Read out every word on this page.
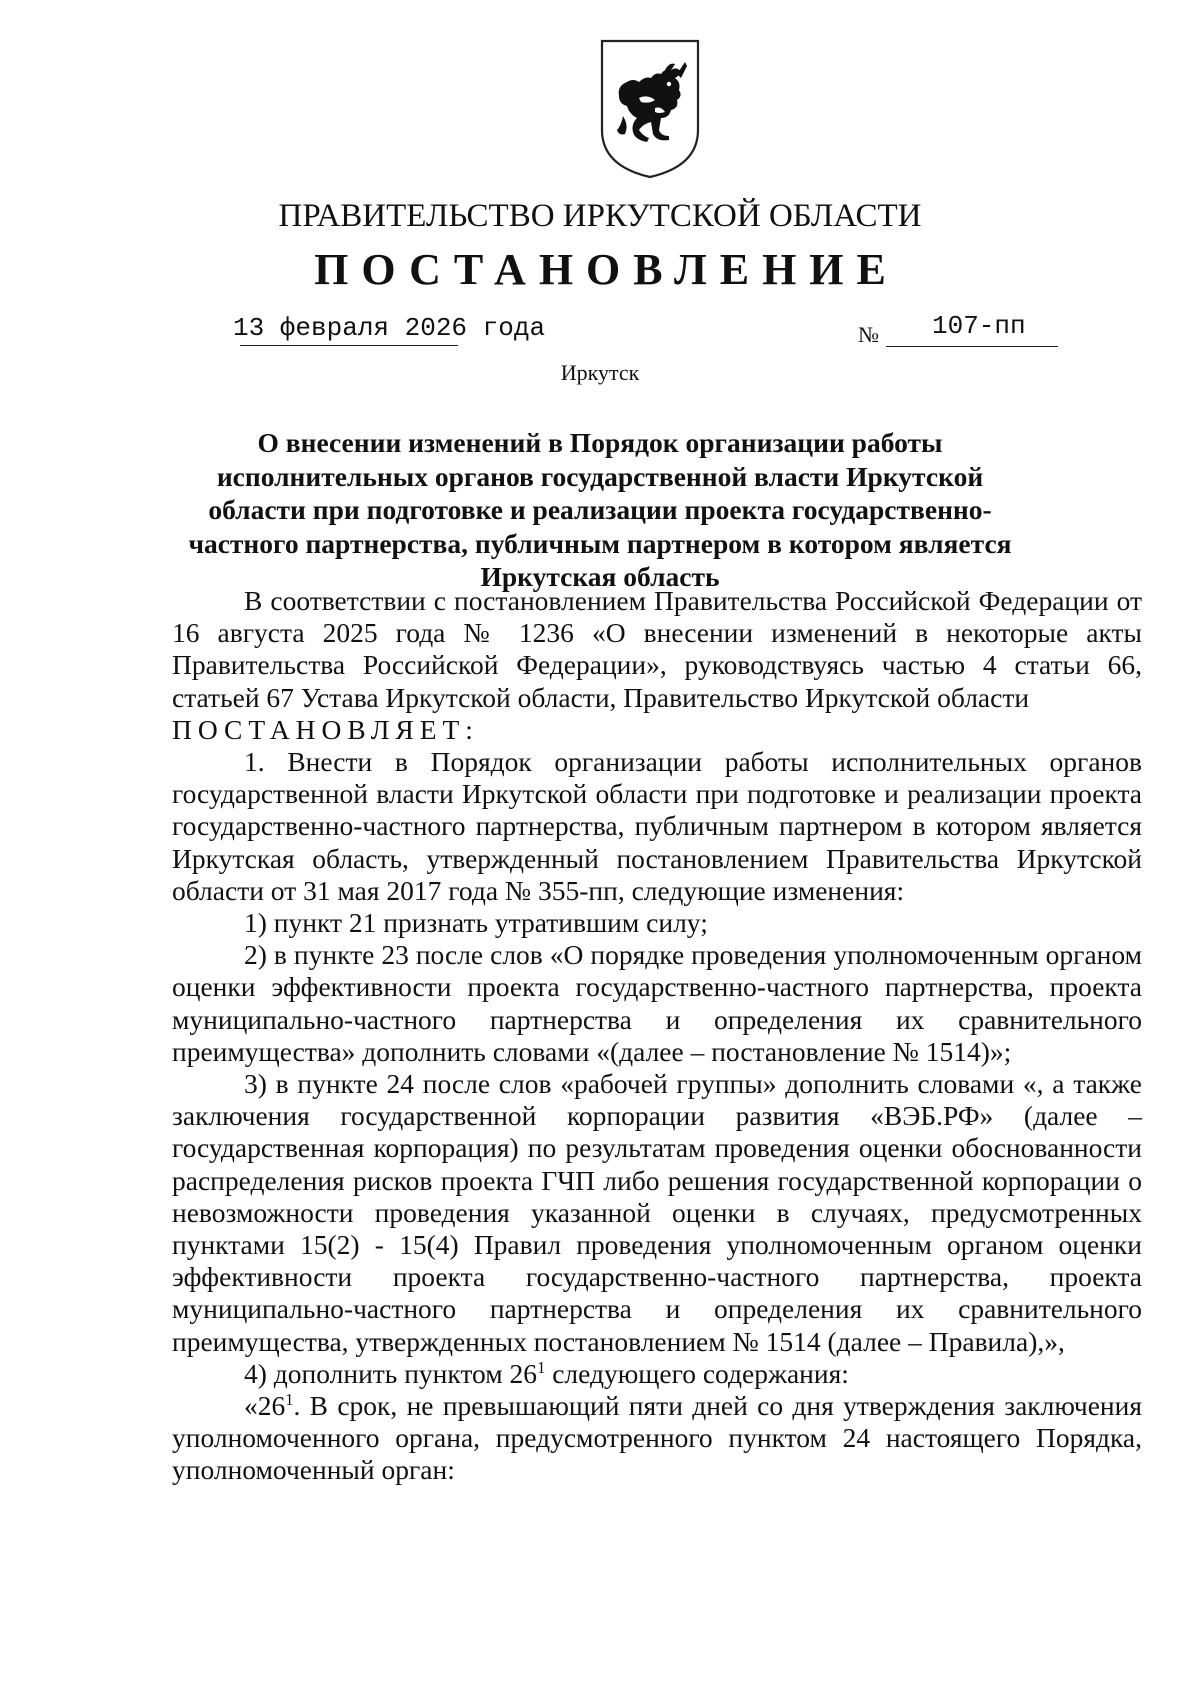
ПРАВИТЕЛЬСТВО ИРКУТСКОЙ ОБЛАСТИ
ПОСТАНОВЛЕНИЕ
13 февраля 2026 года	№ 107-пп
Иркутск
О внесении изменений в Порядок организации работы исполнительных органов государственной власти Иркутской области при подготовке и реализации проекта государственно-частного партнерства, публичным партнером в котором является Иркутская область

В соответствии с постановлением Правительства Российской Федерации от 16 августа 2025 года № 1236 «О внесении изменений в некоторые акты Правительства Российской Федерации», руководствуясь частью 4 статьи 66, статьей 67 Устава Иркутской области, Правительство Иркутской области

ПОСТАНОВЛЯЕТ:

1. Внести в Порядок организации работы исполнительных органов государственной власти Иркутской области при подготовке и реализации проекта государственно-частного партнерства, публичным партнером в котором является Иркутская область, утвержденный постановлением Правительства Иркутской области от 31 мая 2017 года № 355-пп, следующие изменения:

1) пункт 21 признать утратившим силу;

2) в пункте 23 после слов «О порядке проведения уполномоченным органом оценки эффективности проекта государственно-частного партнерства, проекта муниципально-частного партнерства и определения их сравнительного преимущества» дополнить словами «(далее – постановление № 1514)»;

3) в пункте 24 после слов «рабочей группы» дополнить словами «, а также заключения государственной корпорации развития «ВЭБ.РФ» (далее – государственная корпорация) по результатам проведения оценки обоснованности распределения рисков проекта ГЧП либо решения государственной корпорации о невозможности проведения указанной оценки в случаях, предусмотренных пунктами 15(2) - 15(4) Правил проведения уполномоченным органом оценки эффективности проекта государственно-частного партнерства, проекта муниципально-частного партнерства и определения их сравнительного преимущества, утвержденных постановлением № 1514 (далее – Правила),»,

4) дополнить пунктом $26^1$ следующего содержания:

«$26^1$. В срок, не превышающий пяти дней со дня утверждения заключения уполномоченного органа, предусмотренного пунктом 24 настоящего Порядка, уполномоченный орган:
